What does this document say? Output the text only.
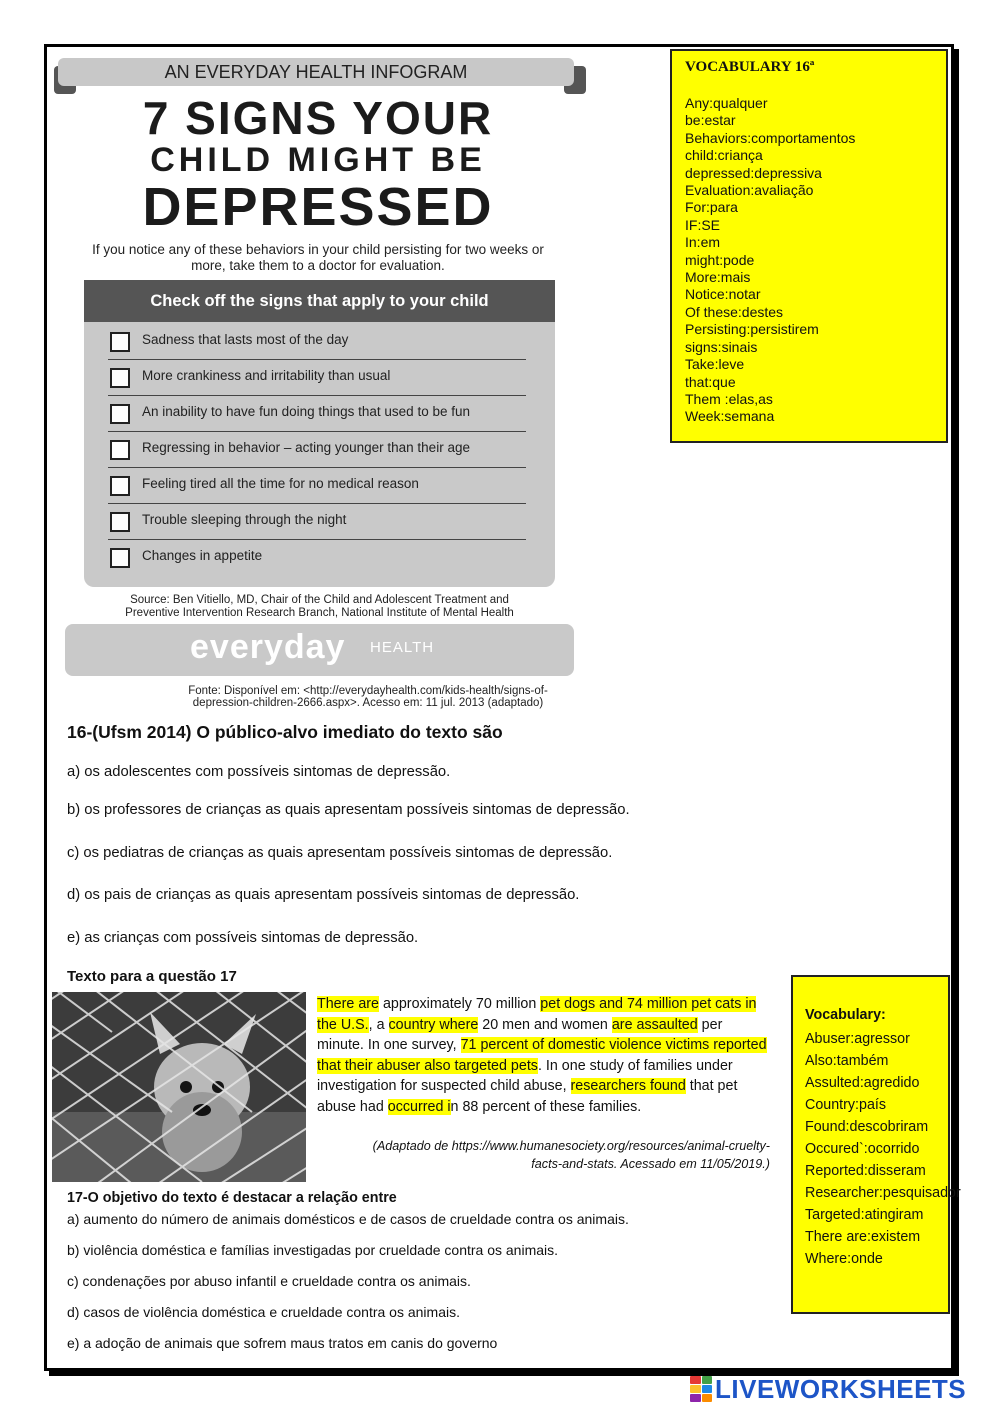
AN EVERYDAY HEALTH INFOGRAM
7 SIGNS YOUR
CHILD MIGHT BE
DEPRESSED
If you notice any of these behaviors in your child persisting for two weeks or more, take them to a doctor for evaluation.
Check off the signs that apply to your child
Sadness that lasts most of the day
More crankiness and irritability than usual
An inability to have fun doing things that used to be fun
Regressing in behavior – acting younger than their age
Feeling tired all the time for no medical reason
Trouble sleeping through the night
Changes in appetite
Source: Ben Vitiello, MD, Chair of the Child and Adolescent Treatment and
Preventive Intervention Research Branch, National Institute of Mental Health
everyday HEALTH
Fonte: Disponível em: <http://everydayhealth.com/kids-health/signs-of-
depression-children-2666.aspx>. Acesso em: 11 jul. 2013 (adaptado)
VOCABULARY 16ª
Any:qualquer
be:estar
Behaviors:comportamentos
child:criança
depressed:depressiva
Evaluation:avaliação
For:para
IF:SE
In:em
might:pode
More:mais
Notice:notar
Of these:destes
Persisting:persistirem
signs:sinais
Take:leve
that:que
Them :elas,as
Week:semana
16-(Ufsm 2014) O público-alvo imediato do texto são
a) os adolescentes com possíveis sintomas de depressão.
b) os professores de crianças as quais apresentam possíveis sintomas de depressão.
c) os pediatras de crianças as quais apresentam possíveis sintomas de depressão.
d) os pais de crianças as quais apresentam possíveis sintomas de depressão.
e) as crianças com possíveis sintomas de depressão.
Texto para a questão 17
There are approximately 70 million pet dogs and 74 million pet cats in the U.S., a country where 20 men and women are assaulted per minute. In one survey, 71 percent of domestic violence victims reported that their abuser also targeted pets. In one study of families under investigation for suspected child abuse, researchers found that pet abuse had occurred in 88 percent of these families.
(Adaptado de https://www.humanesociety.org/resources/animal-cruelty-
facts-and-stats. Acessado em 11/05/2019.)
17-O objetivo do texto é destacar a relação entre
a) aumento do número de animais domésticos e de casos de crueldade contra os animais.
b) violência doméstica e famílias investigadas por crueldade contra os animais.
c) condenações por abuso infantil e crueldade contra os animais.
d) casos de violência doméstica e crueldade contra os animais.
e) a adoção de animais que sofrem maus tratos em canis do governo
Vocabulary:
Abuser:agressor
Also:também
Assulted:agredido
Country:país
Found:descobriram
Occured`:ocorrido
Reported:disseram
Researcher:pesquisador
Targeted:atingiram
There are:existem
Where:onde
LIVEWORKSHEETS
